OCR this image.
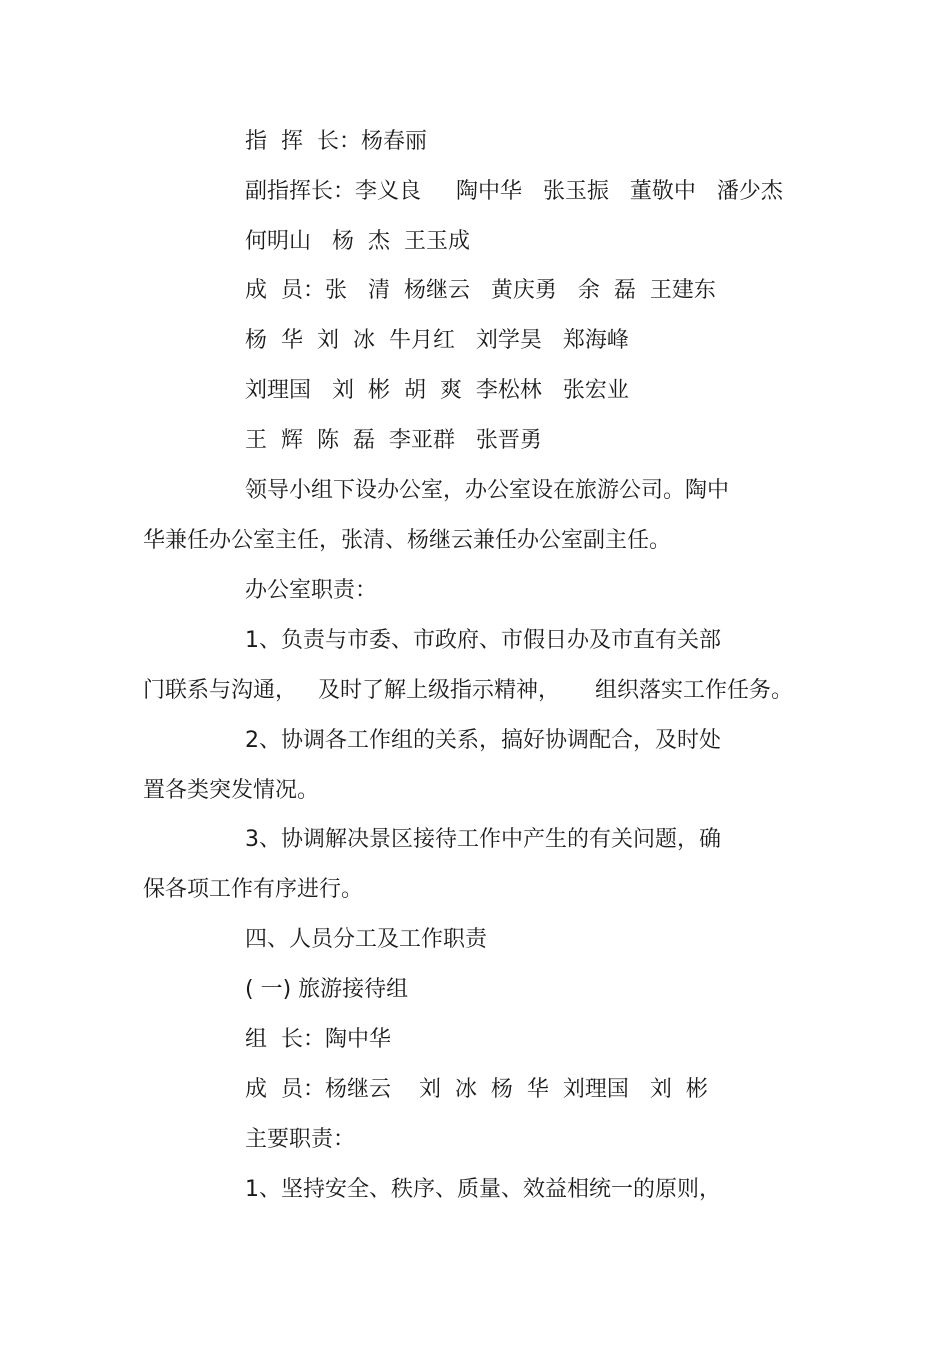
指  挥  长：杨春丽
副指挥长：李义良     陶中华   张玉振   董敬中   潘少杰
何明山   杨  杰  王玉成
成  员：张   清  杨继云   黄庆勇   余  磊  王建东
杨  华  刘  冰  牛月红   刘学昊   郑海峰
刘理国   刘  彬  胡  爽  李松林   张宏业
王  辉  陈  磊  李亚群   张晋勇
领导小组下设办公室，办公室设在旅游公司。陶中
华兼任办公室主任，张清、杨继云兼任办公室副主任。
办公室职责：
1、负责与市委、市政府、市假日办及市直有关部
门联系与沟通，   及时了解上级指示精神，     组织落实工作任务。
2、协调各工作组的关系，搞好协调配合，及时处
置各类突发情况。
3、协调解决景区接待工作中产生的有关问题，确
保各项工作有序进行。
四、人员分工及工作职责
( 一) 旅游接待组
组  长：陶中华
成  员：杨继云    刘  冰  杨  华  刘理国   刘  彬
主要职责：
1、坚持安全、秩序、质量、效益相统一的原则，
